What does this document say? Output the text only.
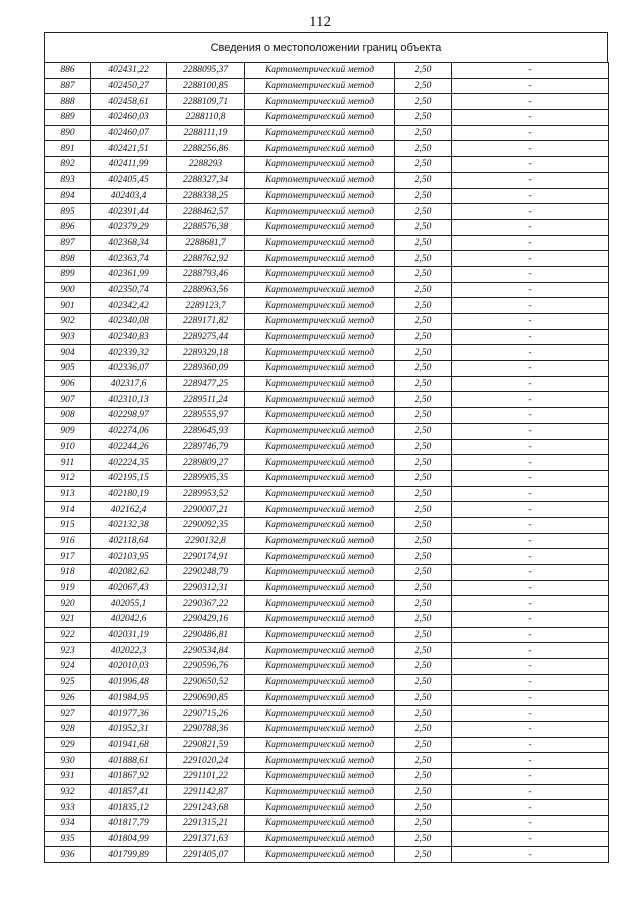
112
Сведения о местоположении границ объекта
886	402431,22	2288095,37	Картометрический метод	2,50	-
887	402450,27	2288100,85	Картометрический метод	2,50	-
888	402458,61	2288109,71	Картометрический метод	2,50	-
889	402460,03	2288110,8	Картометрический метод	2,50	-
890	402460,07	2288111,19	Картометрический метод	2,50	-
891	402421,51	2288256,86	Картометрический метод	2,50	-
892	402411,99	2288293	Картометрический метод	2,50	-
893	402405,45	2288327,34	Картометрический метод	2,50	-
894	402403,4	2288338,25	Картометрический метод	2,50	-
895	402391,44	2288462,57	Картометрический метод	2,50	-
896	402379,29	2288576,38	Картометрический метод	2,50	-
897	402368,34	2288681,7	Картометрический метод	2,50	-
898	402363,74	2288762,92	Картометрический метод	2,50	-
899	402361,99	2288793,46	Картометрический метод	2,50	-
900	402350,74	2288963,56	Картометрический метод	2,50	-
901	402342,42	2289123,7	Картометрический метод	2,50	-
902	402340,08	2289171,82	Картометрический метод	2,50	-
903	402340,83	2289275,44	Картометрический метод	2,50	-
904	402339,32	2289329,18	Картометрический метод	2,50	-
905	402336,07	2289360,09	Картометрический метод	2,50	-
906	402317,6	2289477,25	Картометрический метод	2,50	-
907	402310,13	2289511,24	Картометрический метод	2,50	-
908	402298,97	2289555,97	Картометрический метод	2,50	-
909	402274,06	2289645,93	Картометрический метод	2,50	-
910	402244,26	2289746,79	Картометрический метод	2,50	-
911	402224,35	2289809,27	Картометрический метод	2,50	-
912	402195,15	2289905,35	Картометрический метод	2,50	-
913	402180,19	2289953,52	Картометрический метод	2,50	-
914	402162,4	2290007,21	Картометрический метод	2,50	-
915	402132,38	2290092,35	Картометрический метод	2,50	-
916	402118,64	2290132,8	Картометрический метод	2,50	-
917	402103,95	2290174,91	Картометрический метод	2,50	-
918	402082,62	2290248,79	Картометрический метод	2,50	-
919	402067,43	2290312,31	Картометрический метод	2,50	-
920	402055,1	2290367,22	Картометрический метод	2,50	-
921	402042,6	2290429,16	Картометрический метод	2,50	-
922	402031,19	2290486,81	Картометрический метод	2,50	-
923	402022,3	2290534,84	Картометрический метод	2,50	-
924	402010,03	2290596,76	Картометрический метод	2,50	-
925	401996,48	2290650,52	Картометрический метод	2,50	-
926	401984,95	2290690,85	Картометрический метод	2,50	-
927	401977,36	2290715,26	Картометрический метод	2,50	-
928	401952,31	2290788,36	Картометрический метод	2,50	-
929	401941,68	2290821,59	Картометрический метод	2,50	-
930	401888,61	2291020,24	Картометрический метод	2,50	-
931	401867,92	2291101,22	Картометрический метод	2,50	-
932	401857,41	2291142,87	Картометрический метод	2,50	-
933	401835,12	2291243,68	Картометрический метод	2,50	-
934	401817,79	2291315,21	Картометрический метод	2,50	-
935	401804,99	2291371,63	Картометрический метод	2,50	-
936	401799,89	2291405,07	Картометрический метод	2,50	-
